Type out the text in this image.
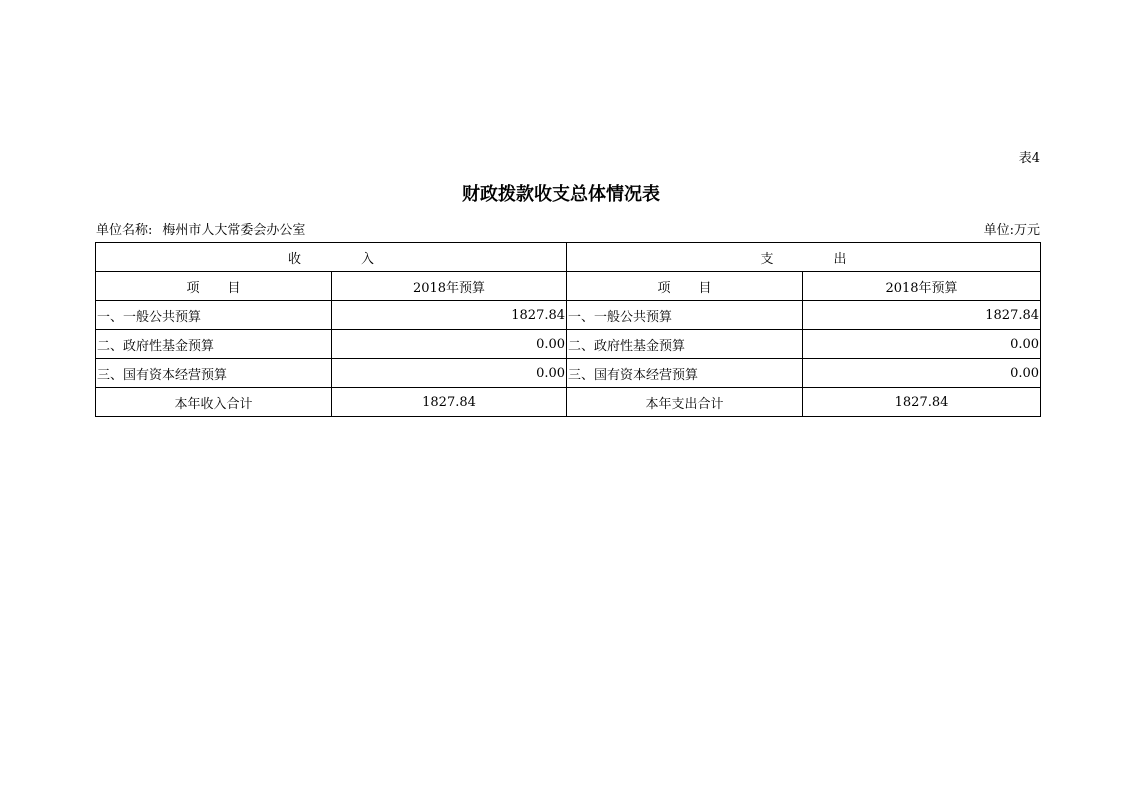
表4
财政拨款收支总体情况表
单位名称: 梅州市人大常委会办公室	单位:万元
收入		支出	
项目	2018年预算	项目	2018年预算
一、一般公共预算	1827.84	一、一般公共预算	1827.84
二、政府性基金预算	0.00	二、政府性基金预算	0.00
三、国有资本经营预算	0.00	三、国有资本经营预算	0.00
本年收入合计	1827.84	本年支出合计	1827.84
